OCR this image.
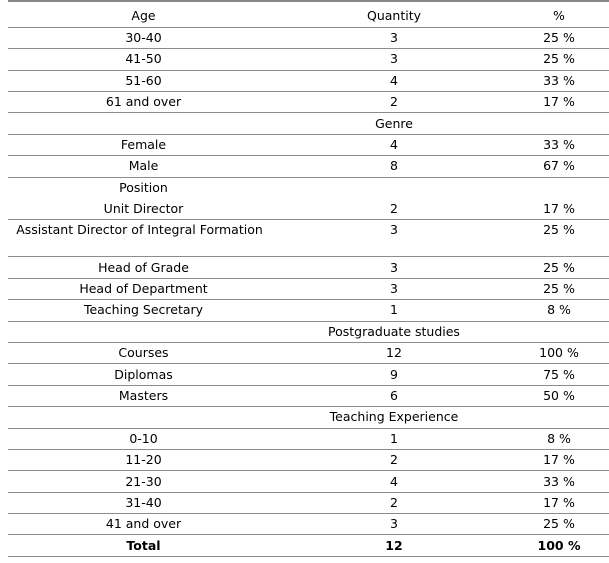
Age	Quantity	%
30-40	3	25 %
41-50	3	25 %
51-60	4	33 %
61 and over	2	17 %
	Genre	
Female	4	33 %
Male	8	67 %
Position		
Unit Director	2	17 %
Assistant Director of Integral Formation	3	25 %
Head of Grade	3	25 %
Head of Department	3	25 %
Teaching Secretary	1	8 %
	Postgraduate studies	
Courses	12	100 %
Diplomas	9	75 %
Masters	6	50 %
	Teaching Experience	
0-10	1	8 %
11-20	2	17 %
21-30	4	33 %
31-40	2	17 %
41 and over	3	25 %
Total	12	100 %
